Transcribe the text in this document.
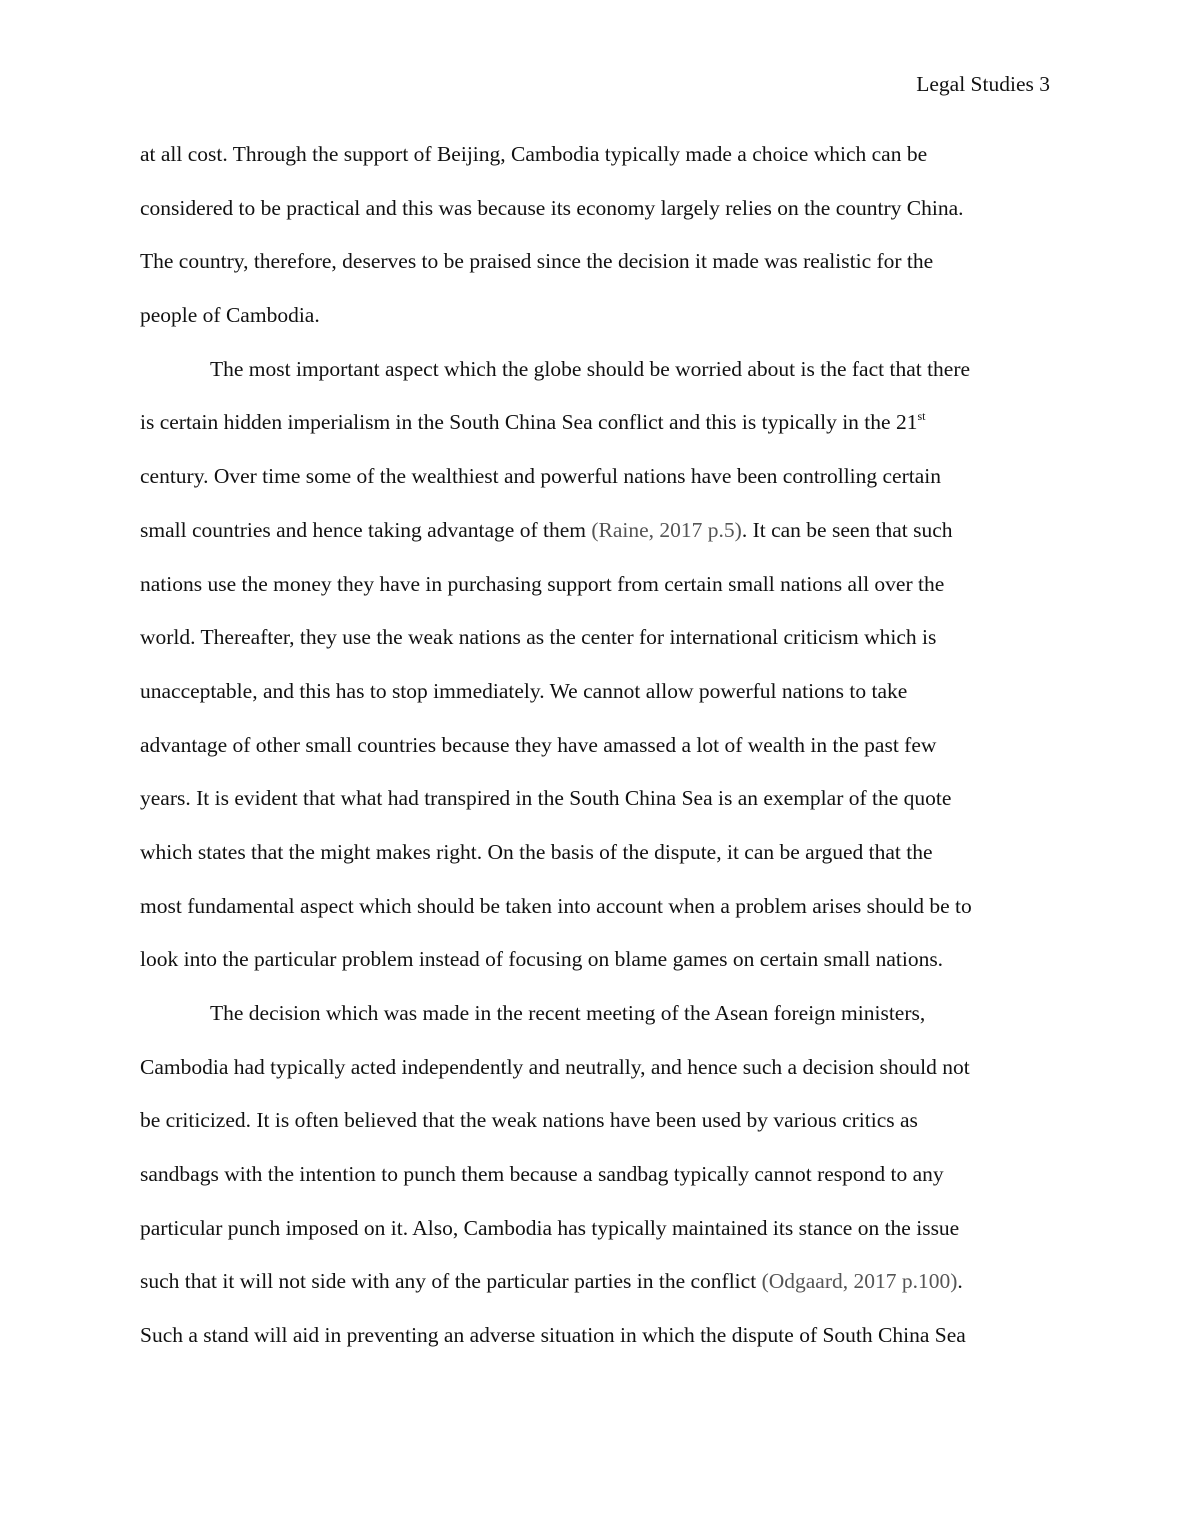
Legal Studies 3
at all cost. Through the support of Beijing, Cambodia typically made a choice which can be
considered to be practical and this was because its economy largely relies on the country China.
The country, therefore, deserves to be praised since the decision it made was realistic for the
people of Cambodia.
The most important aspect which the globe should be worried about is the fact that there
is certain hidden imperialism in the South China Sea conflict and this is typically in the 21st
century. Over time some of the wealthiest and powerful nations have been controlling certain
small countries and hence taking advantage of them (Raine, 2017 p.5). It can be seen that such
nations use the money they have in purchasing support from certain small nations all over the
world. Thereafter, they use the weak nations as the center for international criticism which is
unacceptable, and this has to stop immediately. We cannot allow powerful nations to take
advantage of other small countries because they have amassed a lot of wealth in the past few
years. It is evident that what had transpired in the South China Sea is an exemplar of the quote
which states that the might makes right. On the basis of the dispute, it can be argued that the
most fundamental aspect which should be taken into account when a problem arises should be to
look into the particular problem instead of focusing on blame games on certain small nations.
The decision which was made in the recent meeting of the Asean foreign ministers,
Cambodia had typically acted independently and neutrally, and hence such a decision should not
be criticized. It is often believed that the weak nations have been used by various critics as
sandbags with the intention to punch them because a sandbag typically cannot respond to any
particular punch imposed on it. Also, Cambodia has typically maintained its stance on the issue
such that it will not side with any of the particular parties in the conflict (Odgaard, 2017 p.100).
Such a stand will aid in preventing an adverse situation in which the dispute of South China Sea
